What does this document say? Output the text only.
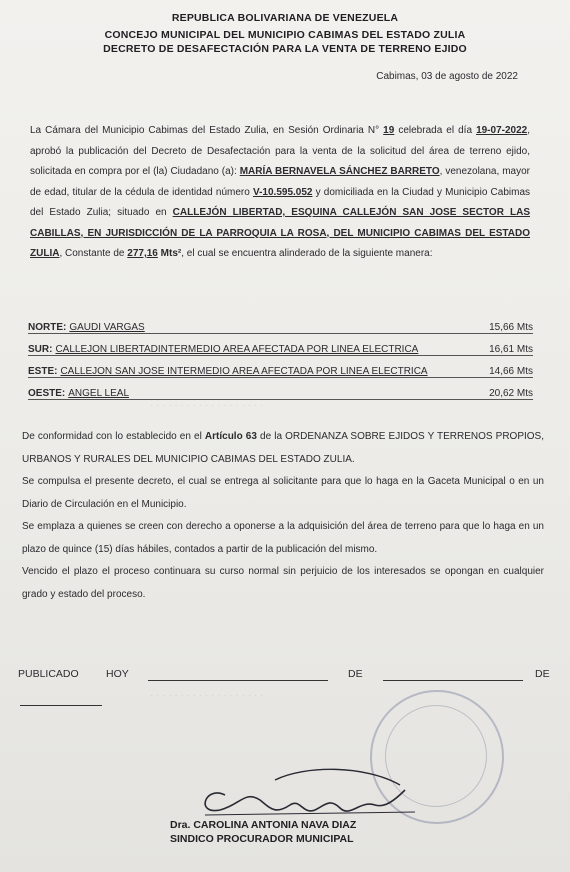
REPUBLICA BOLIVARIANA DE VENEZUELA
CONCEJO MUNICIPAL DEL MUNICIPIO CABIMAS DEL ESTADO ZULIA
DECRETO DE DESAFECTACIÓN PARA LA VENTA DE TERRENO EJIDO
Cabimas, 03 de agosto de 2022
La Cámara del Municipio Cabimas del Estado Zulia, en Sesión Ordinaria N° 19 celebrada el día 19-07-2022, aprobó la publicación del Decreto de Desafectación para la venta de la solicitud del área de terreno ejido, solicitada en compra por el (la) Ciudadano (a): MARÍA BERNAVELA SÁNCHEZ BARRETO, venezolana, mayor de edad, titular de la cédula de identidad número V-10.595.052 y domiciliada en la Ciudad y Municipio Cabimas del Estado Zulia; situado en CALLEJÓN LIBERTAD, ESQUINA CALLEJÓN SAN JOSE SECTOR LAS CABILLAS, EN JURISDICCIÓN DE LA PARROQUIA LA ROSA, DEL MUNICIPIO CABIMAS DEL ESTADO ZULIA, Constante de 277,16 Mts², el cual se encuentra alinderado de la siguiente manera:
NORTE: GAUDI VARGAS	15,66 Mts
SUR: CALLEJON LIBERTADINTERMEDIO AREA AFECTADA POR LINEA ELECTRICA	16,61 Mts
ESTE: CALLEJON SAN JOSE INTERMEDIO AREA AFECTADA POR LINEA ELECTRICA	14,66 Mts
OESTE: ANGEL LEAL	20,62 Mts
De conformidad con lo establecido en el Artículo 63 de la ORDENANZA SOBRE EJIDOS Y TERRENOS PROPIOS, URBANOS Y RURALES DEL MUNICIPIO CABIMAS DEL ESTADO ZULIA.
Se compulsa el presente decreto, el cual se entrega al solicitante para que lo haga en la Gaceta Municipal o en un Diario de Circulación en el Municipio.
Se emplaza a quienes se creen con derecho a oponerse a la adquisición del área de terreno para que lo haga en un plazo de quince (15) días hábiles, contados a partir de la publicación del mismo.
Vencido el plazo el proceso continuara su curso normal sin perjuicio de los interesados se opongan en cualquier grado y estado del proceso.
· · · · · · · · · · · · · · · · · · ·
· · · · · · · · · · · · · · · · · · ·
PUBLICADO	HOY	DE	DE
Dra. CAROLINA ANTONIA NAVA DIAZ
SINDICO PROCURADOR MUNICIPAL
